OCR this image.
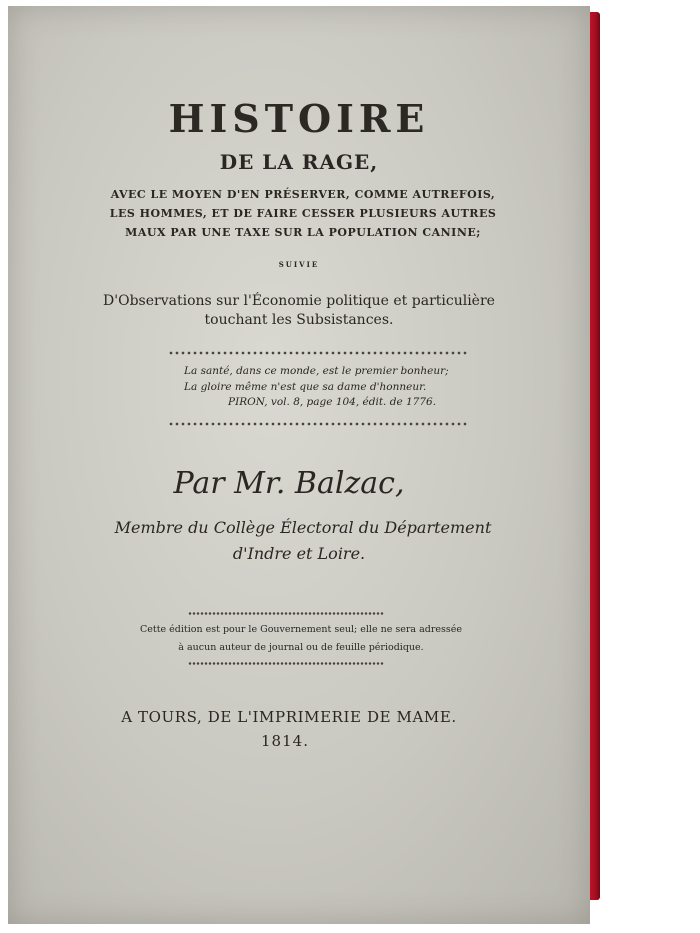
HISTOIRE
DE LA RAGE,
AVEC LE MOYEN D'EN PRÉSERVER, COMME AUTREFOIS,
LES HOMMES, ET DE FAIRE CESSER PLUSIEURS AUTRES
MAUX PAR UNE TAXE SUR LA POPULATION CANINE;
SUIVIE
D'Observations sur l'Économie politique et particulière
touchant les Subsistances.
La santé, dans ce monde, est le premier bonheur;
La gloire même n'est que sa dame d'honneur.
PIRON, vol. 8, page 104, édit. de 1776.
Par Mr. Balzac,
Membre du Collège Électoral du Département
d'Indre et Loire.
Cette édition est pour le Gouvernement seul; elle ne sera adressée
à aucun auteur de journal ou de feuille périodique.
A TOURS, DE L'IMPRIMERIE DE MAME.
1814.
